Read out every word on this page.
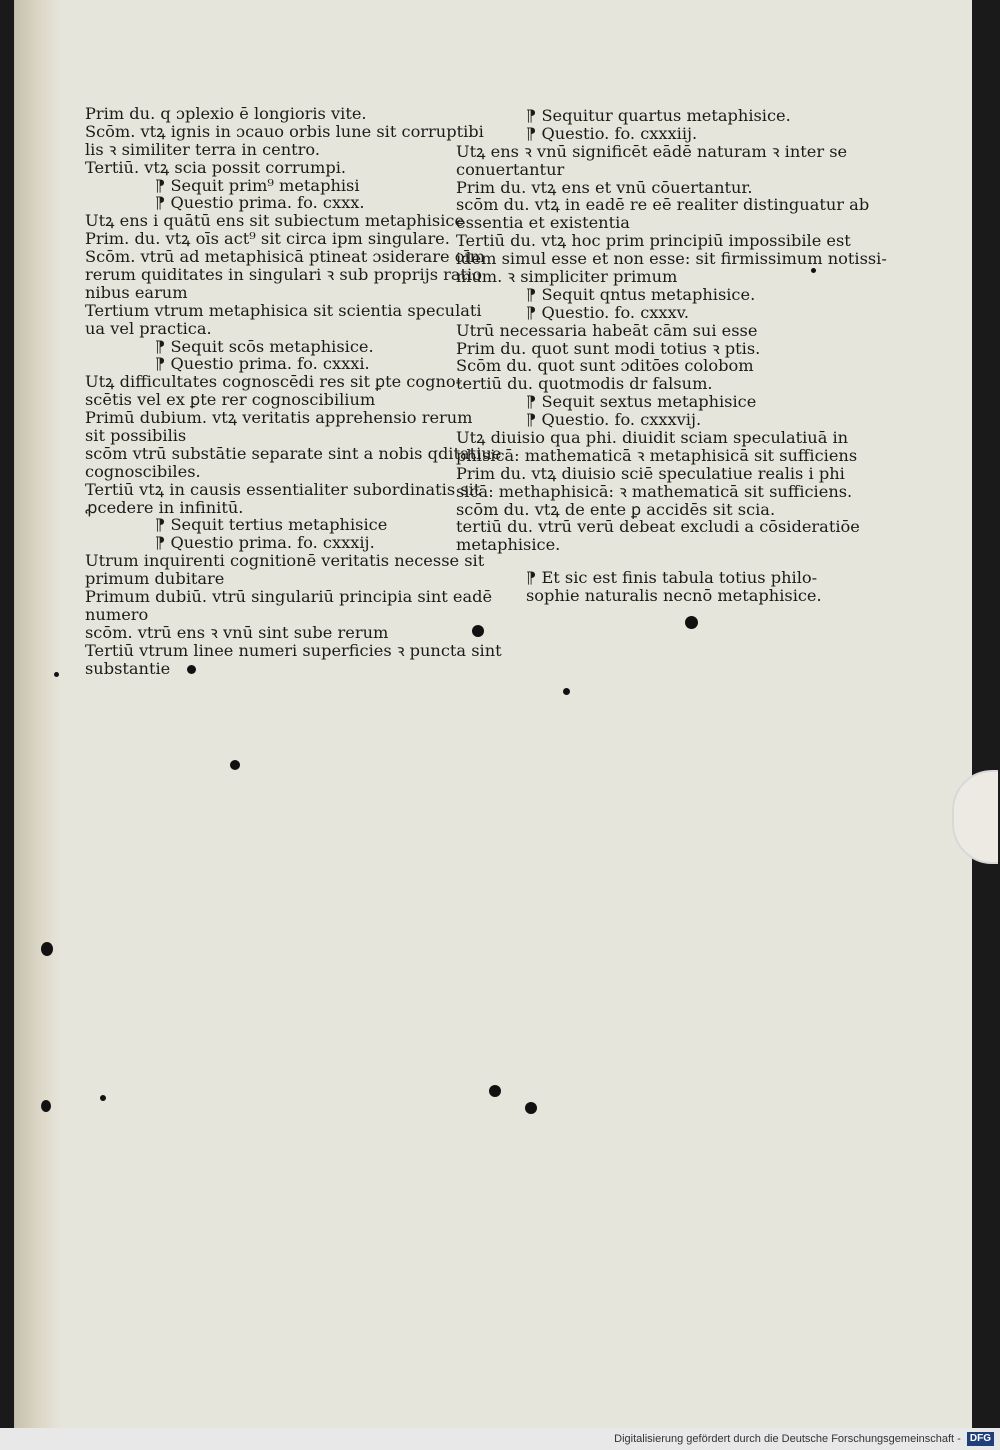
Prim du. q ɔplexio ē longioris vite.
Scōm. vtꝝ ignis in ɔcauo orbis lune sit corruptibi
lis ꝛ similiter terra in centro.
Tertiū. vtꝝ scia possit corrumpi.
⁋ Sequit prim⁹ metaphisi
⁋ Questio prima. fo. cxxx.
Utꝝ ens i quātū ens sit subiectum metaphisice
Prim. du. vtꝝ oīs act⁹ sit circa ipm singulare.
Scōm. vtrū ad metaphisicā ptineat ɔsiderare oīm
rerum quiditates in singulari ꝛ sub proprijs ratio
nibus earum
Tertium vtrum metaphisica sit scientia speculati
ua vel practica.
⁋ Sequit scōs metaphisice.
⁋ Questio prima. fo. cxxxi.
Utꝝ difficultates cognoscēdi res sit ꝑte cogno-
scētis vel ex ꝑte rer cognoscibilium
Primū dubium. vtꝝ veritatis apprehensio rerum
sit possibilis
scōm vtrū substātie separate sint a nobis qditatiue
cognoscibiles.
Tertiū vtꝝ in causis essentialiter subordinatis sit
ꝓcedere in infinitū.
⁋ Sequit tertius metaphisice
⁋ Questio prima. fo. cxxxij.
Utrum inquirenti cognitionē veritatis necesse sit
primum dubitare
Primum dubiū. vtrū singulariū principia sint eadē
numero
scōm. vtrū ens ꝛ vnū sint sube rerum
Tertiū vtrum linee numeri superficies ꝛ puncta sint
substantie
⁋ Sequitur quartus metaphisice.
⁋ Questio. fo. cxxxiij.
Utꝝ ens ꝛ vnū significēt eādē naturam ꝛ inter se
conuertantur
Prim du. vtꝝ ens et vnū cōuertantur.
scōm du. vtꝝ in eadē re eē realiter distinguatur ab
essentia et existentia
Tertiū du. vtꝝ hoc prim principiū impossibile est
idem simul esse et non esse: sit firmissimum notissi-
mum. ꝛ simpliciter primum
⁋ Sequit qntus metaphisice.
⁋ Questio. fo. cxxxv.
Utrū necessaria habeāt cām sui esse
Prim du. quot sunt modi totius ꝛ ptis.
Scōm du. quot sunt ɔditōes colobom
tertiū du. quotmodis dr falsum.
⁋ Sequit sextus metaphisice
⁋ Questio. fo. cxxxvij.
Utꝝ diuisio qua phi. diuidit sciam speculatiuā in
phisicā: mathematicā ꝛ metaphisicā sit sufficiens
Prim du. vtꝝ diuisio sciē speculatiue realis i phi
sicā: methaphisicā: ꝛ mathematicā sit sufficiens.
scōm du. vtꝝ de ente ꝑ accidēs sit scia.
tertiū du. vtrū verū debeat excludi a cōsideratiōe
metaphisice.
⁋ Et sic est finis tabula totius philo-
sophie naturalis necnō metaphisice.
Digitalisierung gefördert durch die Deutsche Forschungsgemeinschaft - DFG
